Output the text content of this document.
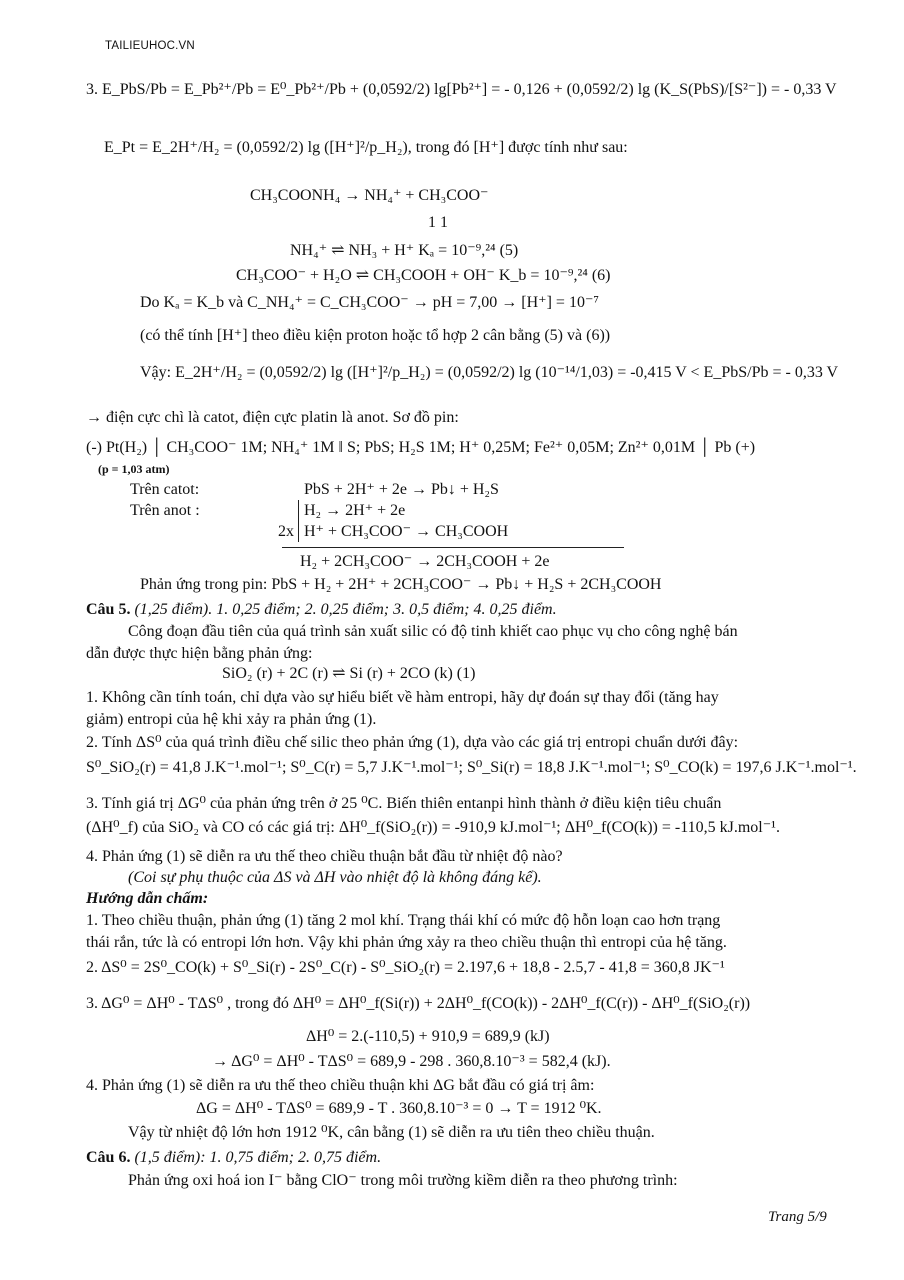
TAILIEUHOC.VN
3. E_PbS/Pb = E_Pb²⁺/Pb = E⁰_Pb²⁺/Pb + (0,0592/2) lg[Pb²⁺] = - 0,126 + (0,0592/2) lg (K_S(PbS)/[S²⁻]) = - 0,33 V
E_Pt = E_2H⁺/H₂ = (0,0592/2) lg ([H⁺]²/p_H₂), trong đó [H⁺] được tính như sau:
CH₃COONH₄ → NH₄⁺ + CH₃COO⁻
1 1
NH₄⁺ ⇌ NH₃ + H⁺ Kₐ = 10⁻⁹,²⁴ (5)
CH₃COO⁻ + H₂O ⇌ CH₃COOH + OH⁻ K_b = 10⁻⁹,²⁴ (6)
Do Kₐ = K_b và C_NH₄⁺ = C_CH₃COO⁻ → pH = 7,00 → [H⁺] = 10⁻⁷
(có thể tính [H⁺] theo điều kiện proton hoặc tổ hợp 2 cân bằng (5) và (6))
Vậy: E_2H⁺/H₂ = (0,0592/2) lg ([H⁺]²/p_H₂) = (0,0592/2) lg (10⁻¹⁴/1,03) = -0,415 V < E_PbS/Pb = - 0,33 V
→ điện cực chì là catot, điện cực platin là anot. Sơ đồ pin:
(-) Pt(H₂) │ CH₃COO⁻ 1M; NH₄⁺ 1M ‖ S; PbS; H₂S 1M; H⁺ 0,25M; Fe²⁺ 0,05M; Zn²⁺ 0,01M │ Pb (+)
(p = 1,03 atm)
Trên catot:	PbS + 2H⁺ + 2e → Pb↓ + H₂S
Trên anot :	H₂ → 2H⁺ + 2e
2x H⁺ + CH₃COO⁻ → CH₃COOH
H₂ + 2CH₃COO⁻ → 2CH₃COOH + 2e
Phản ứng trong pin: PbS + H₂ + 2H⁺ + 2CH₃COO⁻ → Pb↓ + H₂S + 2CH₃COOH
Câu 5. (1,25 điểm). 1. 0,25 điểm; 2. 0,25 điểm; 3. 0,5 điểm; 4. 0,25 điểm.
Công đoạn đầu tiên của quá trình sản xuất silic có độ tinh khiết cao phục vụ cho công nghệ bán
dẫn được thực hiện bằng phản ứng:
SiO₂ (r) + 2C (r) ⇌ Si (r) + 2CO (k) (1)
1. Không cần tính toán, chỉ dựa vào sự hiểu biết về hàm entropi, hãy dự đoán sự thay đổi (tăng hay
giảm) entropi của hệ khi xảy ra phản ứng (1).
2. Tính ΔS⁰ của quá trình điều chế silic theo phản ứng (1), dựa vào các giá trị entropi chuẩn dưới đây:
S⁰_SiO₂(r) = 41,8 J.K⁻¹.mol⁻¹; S⁰_C(r) = 5,7 J.K⁻¹.mol⁻¹; S⁰_Si(r) = 18,8 J.K⁻¹.mol⁻¹; S⁰_CO(k) = 197,6 J.K⁻¹.mol⁻¹.
3. Tính giá trị ΔG⁰ của phản ứng trên ở 25 ⁰C. Biến thiên entanpi hình thành ở điều kiện tiêu chuẩn
(ΔH⁰_f) của SiO₂ và CO có các giá trị: ΔH⁰_f(SiO₂(r)) = -910,9 kJ.mol⁻¹; ΔH⁰_f(CO(k)) = -110,5 kJ.mol⁻¹.
4. Phản ứng (1) sẽ diễn ra ưu thế theo chiều thuận bắt đầu từ nhiệt độ nào?
(Coi sự phụ thuộc của ΔS và ΔH vào nhiệt độ là không đáng kể).
Hướng dẫn chấm:
1. Theo chiều thuận, phản ứng (1) tăng 2 mol khí. Trạng thái khí có mức độ hỗn loạn cao hơn trạng
thái rắn, tức là có entropi lớn hơn. Vậy khi phản ứng xảy ra theo chiều thuận thì entropi của hệ tăng.
2. ΔS⁰ = 2S⁰_CO(k) + S⁰_Si(r) - 2S⁰_C(r) - S⁰_SiO₂(r) = 2.197,6 + 18,8 - 2.5,7 - 41,8 = 360,8 JK⁻¹
3. ΔG⁰ = ΔH⁰ - TΔS⁰ , trong đó ΔH⁰ = ΔH⁰_f(Si(r)) + 2ΔH⁰_f(CO(k)) - 2ΔH⁰_f(C(r)) - ΔH⁰_f(SiO₂(r))
ΔH⁰ = 2.(-110,5) + 910,9 = 689,9 (kJ)
→ ΔG⁰ = ΔH⁰ - TΔS⁰ = 689,9 - 298 . 360,8.10⁻³ = 582,4 (kJ).
4. Phản ứng (1) sẽ diễn ra ưu thế theo chiều thuận khi ΔG bắt đầu có giá trị âm:
ΔG = ΔH⁰ - TΔS⁰ = 689,9 - T . 360,8.10⁻³ = 0 → T = 1912 ⁰K.
Vậy từ nhiệt độ lớn hơn 1912 ⁰K, cân bằng (1) sẽ diễn ra ưu tiên theo chiều thuận.
Câu 6. (1,5 điểm): 1. 0,75 điểm; 2. 0,75 điểm.
Phản ứng oxi hoá ion I⁻ bằng ClO⁻ trong môi trường kiềm diễn ra theo phương trình:
Trang 5/9
